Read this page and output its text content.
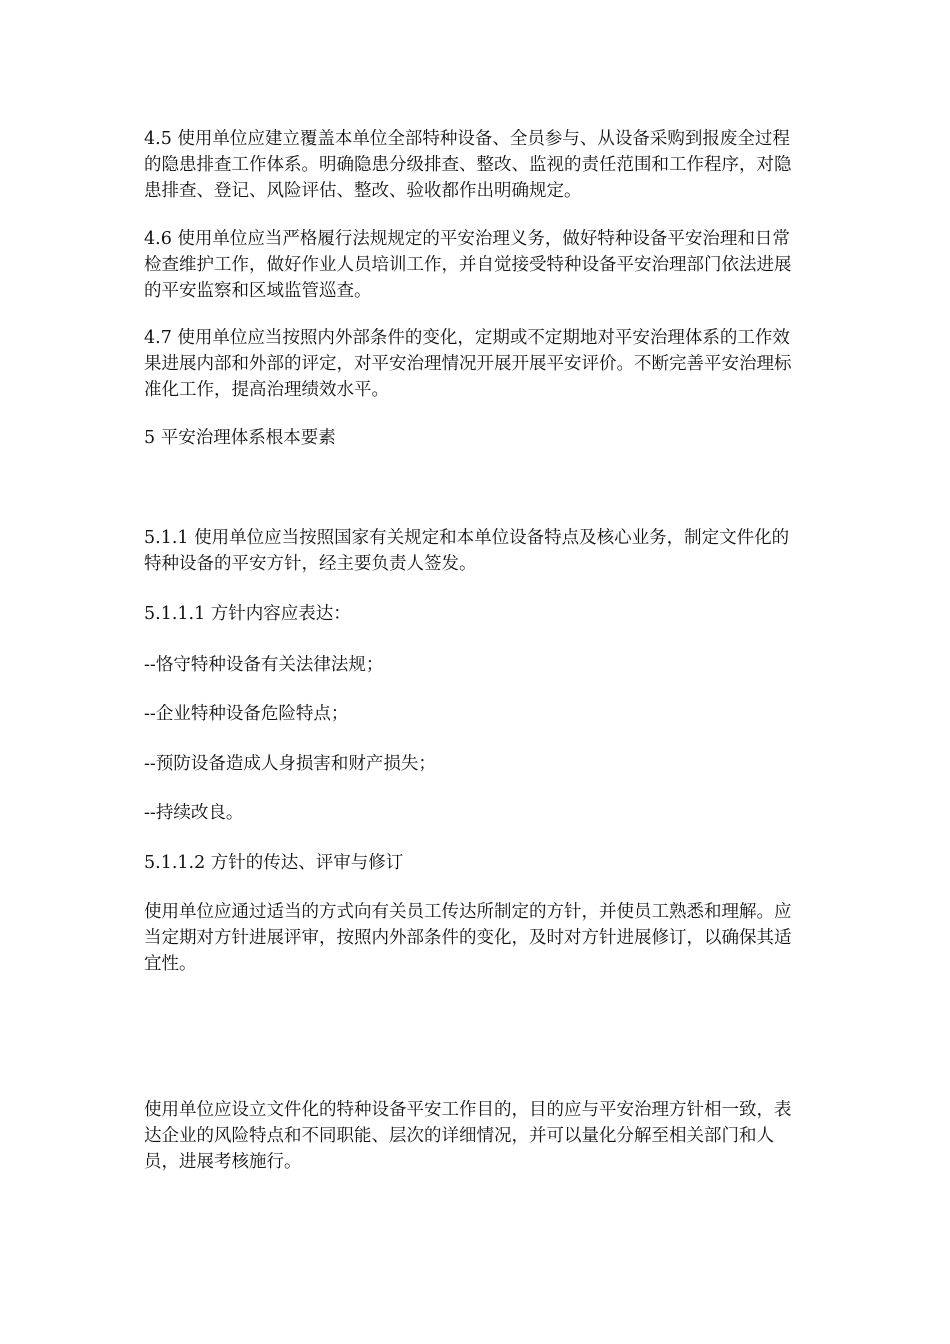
4.5 使用单位应建立覆盖本单位全部特种设备、全员参与、从设备采购到报废全过程的隐患排查工作体系。明确隐患分级排查、整改、监视的责任范围和工作程序，对隐患排查、登记、风险评估、整改、验收都作出明确规定。

4.6 使用单位应当严格履行法规规定的平安治理义务，做好特种设备平安治理和日常检查维护工作，做好作业人员培训工作，并自觉接受特种设备平安治理部门依法进展的平安监察和区域监管巡查。

4.7 使用单位应当按照内外部条件的变化，定期或不定期地对平安治理体系的工作效果进展内部和外部的评定，对平安治理情况开展开展平安评价。不断完善平安治理标准化工作，提高治理绩效水平。

5 平安治理体系根本要素

5.1.1 使用单位应当按照国家有关规定和本单位设备特点及核心业务，制定文件化的特种设备的平安方针，经主要负责人签发。

5.1.1.1 方针内容应表达：

--恪守特种设备有关法律法规；

--企业特种设备危险特点；

--预防设备造成人身损害和财产损失；

--持续改良。

5.1.1.2 方针的传达、评审与修订

使用单位应通过适当的方式向有关员工传达所制定的方针，并使员工熟悉和理解。应当定期对方针进展评审，按照内外部条件的变化，及时对方针进展修订，以确保其适宜性。

使用单位应设立文件化的特种设备平安工作目的，目的应与平安治理方针相一致，表达企业的风险特点和不同职能、层次的详细情况，并可以量化分解至相关部门和人员，进展考核施行。
